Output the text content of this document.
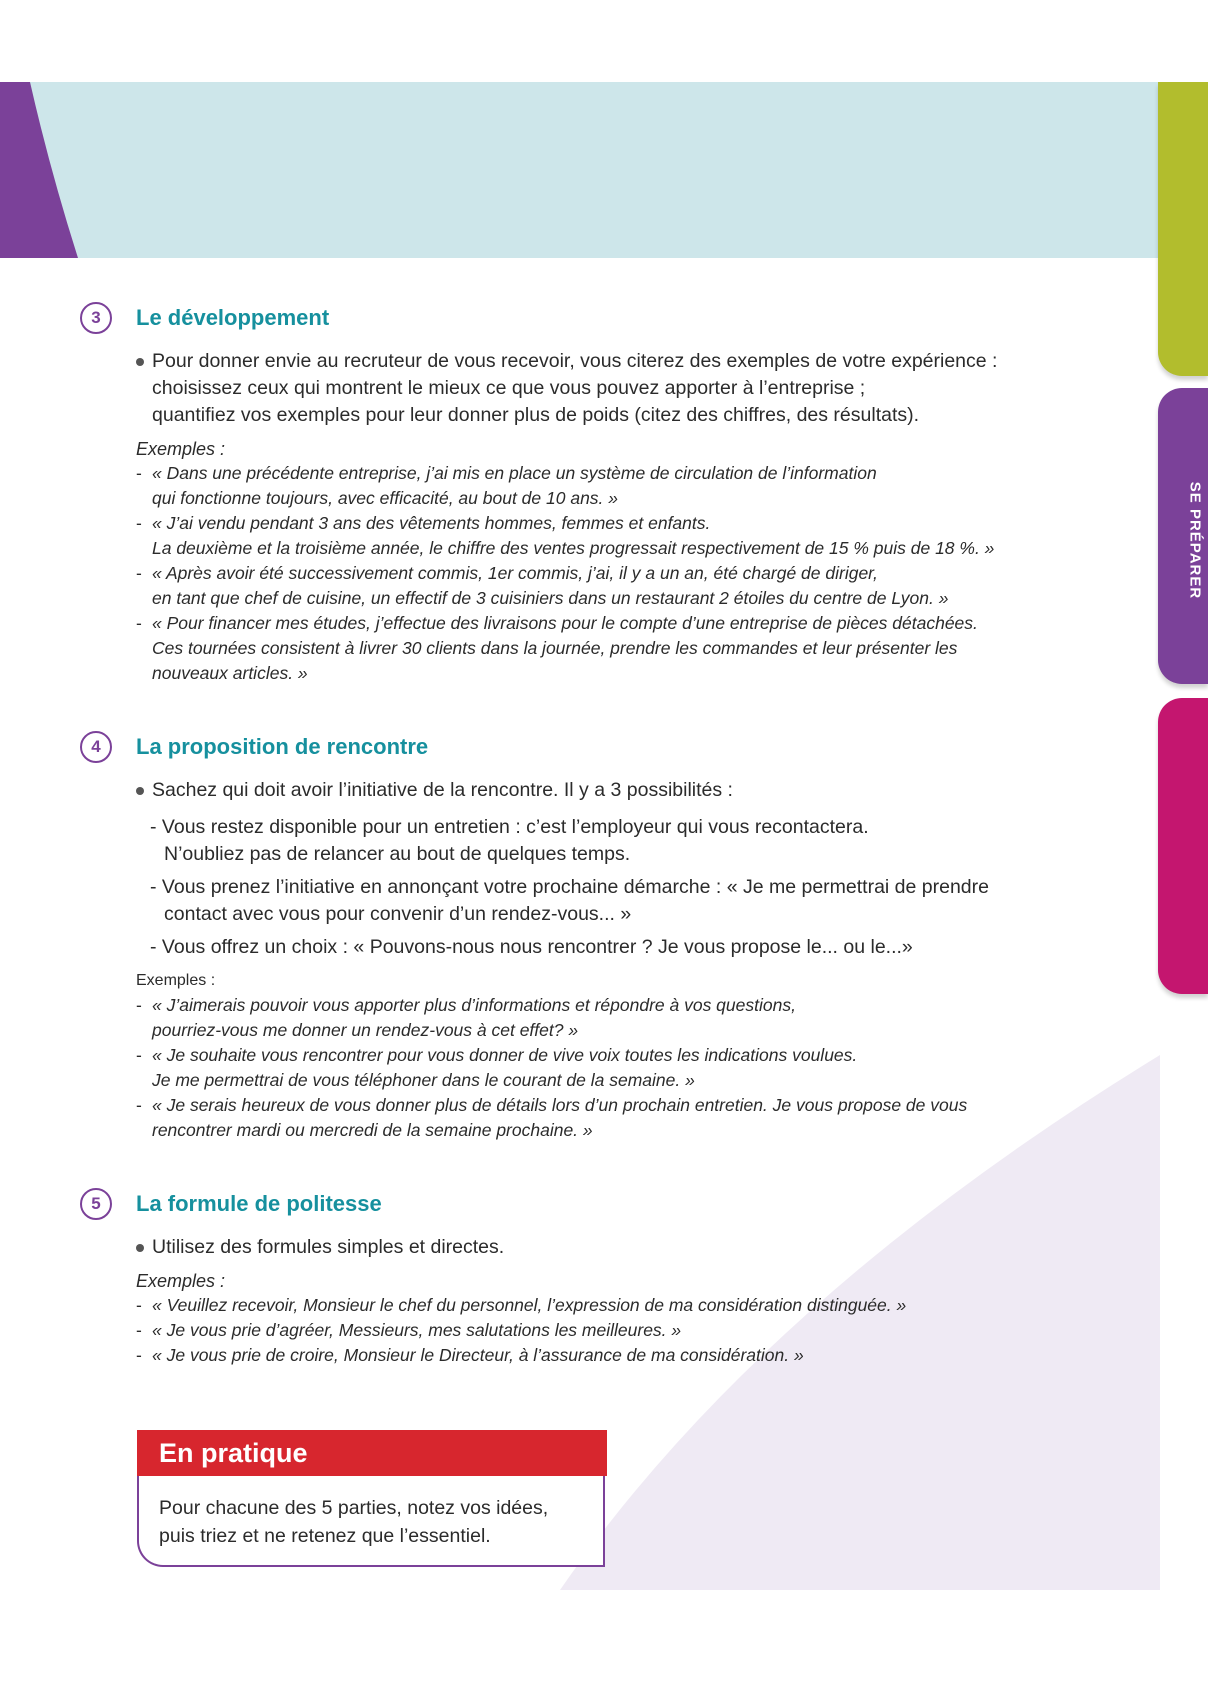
SE PRÉPARER
3	Le développement
Pour donner envie au recruteur de vous recevoir, vous citerez des exemples de votre expérience :
choisissez ceux qui montrent le mieux ce que vous pouvez apporter à l’entreprise ;
quantifiez vos exemples pour leur donner plus de poids (citez des chiffres, des résultats).
Exemples :
- « Dans une précédente entreprise, j’ai mis en place un système de circulation de l’information
qui fonctionne toujours, avec efficacité, au bout de 10 ans. »
- « J’ai vendu pendant 3 ans des vêtements hommes, femmes et enfants.
La deuxième et la troisième année, le chiffre des ventes progressait respectivement de 15 % puis de 18 %. »
- « Après avoir été successivement commis, 1er commis, j’ai, il y a un an, été chargé de diriger,
en tant que chef de cuisine, un effectif de 3 cuisiniers dans un restaurant 2 étoiles du centre de Lyon. »
- « Pour financer mes études, j’effectue des livraisons pour le compte d’une entreprise de pièces détachées.
Ces tournées consistent à livrer 30 clients dans la journée, prendre les commandes et leur présenter les
nouveaux articles. »
4	La proposition de rencontre
Sachez qui doit avoir l’initiative de la rencontre. Il y a 3 possibilités :
- Vous restez disponible pour un entretien : c’est l’employeur qui vous recontactera.
N’oubliez pas de relancer au bout de quelques temps.
- Vous prenez l’initiative en annonçant votre prochaine démarche : « Je me permettrai de prendre
contact avec vous pour convenir d’un rendez-vous... »
- Vous offrez un choix : « Pouvons-nous nous rencontrer ? Je vous propose le... ou le...»
Exemples :
- « J’aimerais pouvoir vous apporter plus d’informations et répondre à vos questions,
pourriez-vous me donner un rendez-vous à cet effet? »
- « Je souhaite vous rencontrer pour vous donner de vive voix toutes les indications voulues.
Je me permettrai de vous téléphoner dans le courant de la semaine. »
- « Je serais heureux de vous donner plus de détails lors d’un prochain entretien. Je vous propose de vous
rencontrer mardi ou mercredi de la semaine prochaine. »
5	La formule de politesse
Utilisez des formules simples et directes.
Exemples :
- « Veuillez recevoir, Monsieur le chef du personnel, l’expression de ma considération distinguée. »
- « Je vous prie d’agréer, Messieurs, mes salutations les meilleures. »
- « Je vous prie de croire, Monsieur le Directeur, à l’assurance de ma considération. »
En pratique
Pour chacune des 5 parties, notez vos idées,
puis triez et ne retenez que l’essentiel.
